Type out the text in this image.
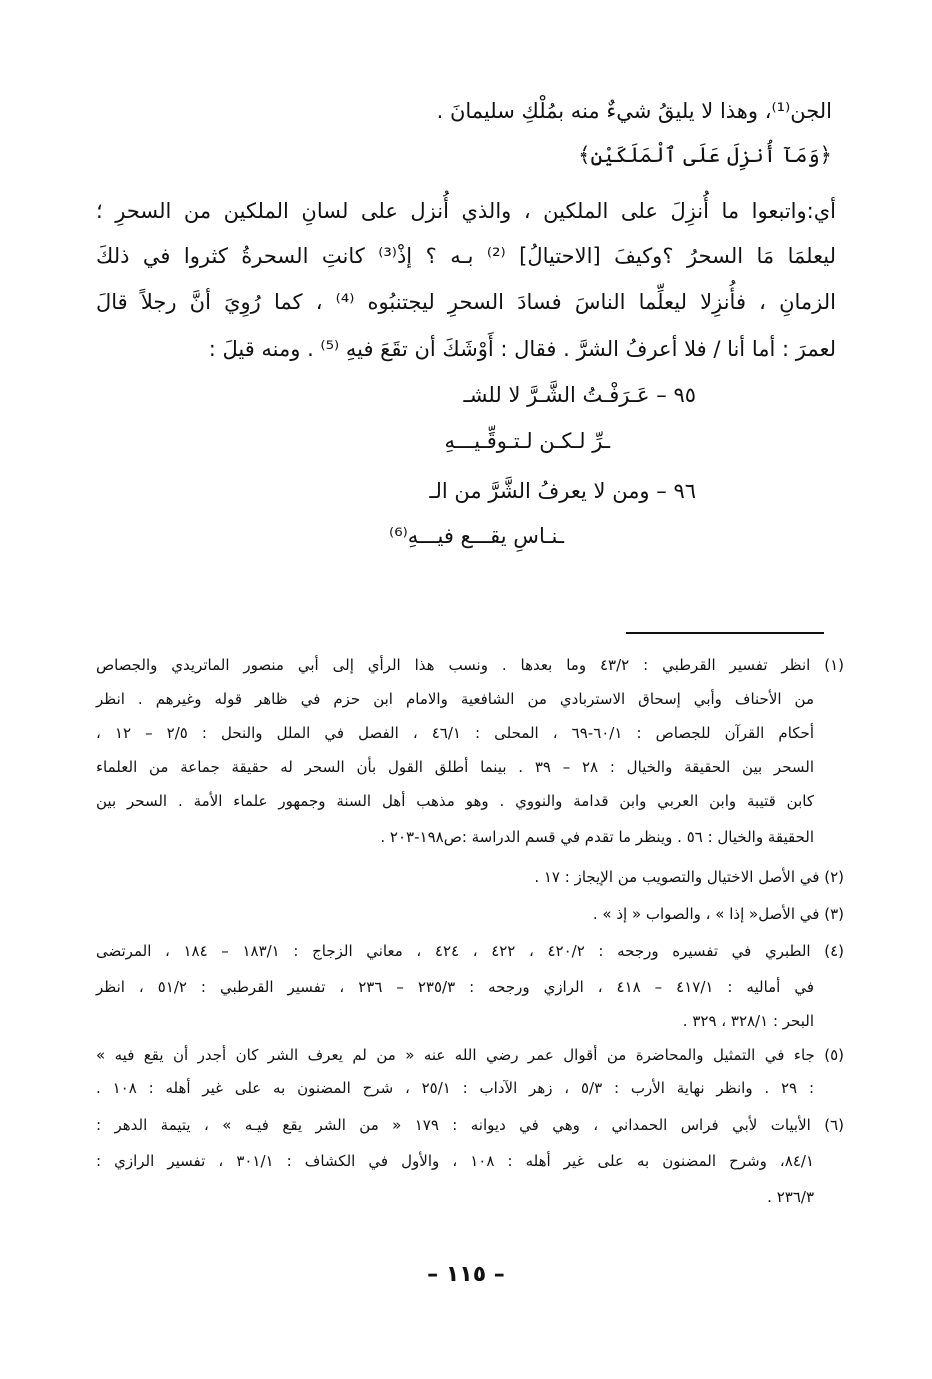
الجن⁽¹⁾، وهذا لا يليقُ شيءٌ منه بمُلْكِ سليمانَ .
﴿وَمَآ أُنزِلَ عَلَى ٱلْمَلَكَيْنِ﴾
أي:واتبعوا ما أُنزِلَ على الملكين ، والذي أُنزل على لسانِ الملكين من السحرِ ؛
ليعلمَا مَا السحرُ ؟وكيفَ [الاحتيالُ] ⁽²⁾ بـه ؟ إذْ⁽³⁾ كانتِ السحرةُ كثروا في ذلكَ
الزمانِ ، فأُنزِلا ليعلِّما الناسَ فسادَ السحرِ ليجتنبُوه ⁽⁴⁾ ، كما رُوِيَ أنَّ رجلاً قالَ
لعمرَ : أما أنا / فلا أعرفُ الشرَّ . فقال : أَوْشَكَ أن تقَعَ فيهِ ⁽⁵⁾ . ومنه قيلَ :
٩٥ – عَـرَفْـتُ الشَّـرَّ لا للشـ
ـرِّ لـكـن لـتـوقِّـيـــهِ
٩٦ – ومن لا يعرفُ الشَّرَّ من الـ
ـنـاسِ يقـــع فيـــهِ⁽⁶⁾
(١) انظر تفسير القرطبي : ٤٣/٢ وما بعدها . ونسب هذا الرأي إلى أبي منصور الماتريدي والجصاص
من الأحناف وأبي إسحاق الاستربادي من الشافعية والامام ابن حزم في ظاهر قوله وغيرهم . انظر
أحكام القرآن للجصاص : ٦٠/١-٦٩ ، المحلى : ٤٦/١ ، الفصل في الملل والنحل : ٢/٥ – ١٢ ،
السحر بين الحقيقة والخيال : ٢٨ – ٣٩ . بينما أطلق القول بأن السحر له حقيقة جماعة من العلماء
كابن قتيبة وابن العربي وابن قدامة والنووي . وهو مذهب أهل السنة وجمهور علماء الأمة . السحر بين
الحقيقة والخيال : ٥٦ . وينظر ما تقدم في قسم الدراسة :ص١٩٨-٢٠٣ .
(٢) في الأصل الاختيال والتصويب من الإيجاز : ١٧ .
(٣) في الأصل« إذا » ، والصواب « إذ » .
(٤) الطبري في تفسيره ورجحه : ٤٢٠/٢ ، ٤٢٢ ، ٤٢٤ ، معاني الزجاج : ١٨٣/١ – ١٨٤ ، المرتضى
في أماليه : ٤١٧/١ – ٤١٨ ، الرازي ورجحه : ٢٣٥/٣ – ٢٣٦ ، تفسير القرطبي : ٥١/٢ ، انظر
البحر : ٣٢٨/١ ، ٣٢٩ .
(٥) جاء في التمثيل والمحاضرة من أقوال عمر رضي الله عنه « من لم يعرف الشر كان أجدر أن يقع فيه »
: ٢٩ . وانظر نهاية الأرب : ٥/٣ ، زهر الآداب : ٢٥/١ ، شرح المضنون به على غير أهله : ١٠٨ .
(٦) الأبيات لأبي فراس الحمداني ، وهي في ديوانه : ١٧٩ « من الشر يقع فيـه » ، يتيمة الدهر :
٨٤/١، وشرح المضنون به على غير أهله : ١٠٨ ، والأول في الكشاف : ٣٠١/١ ، تفسير الرازي :
٢٣٦/٣ .
– ١١٥ –
